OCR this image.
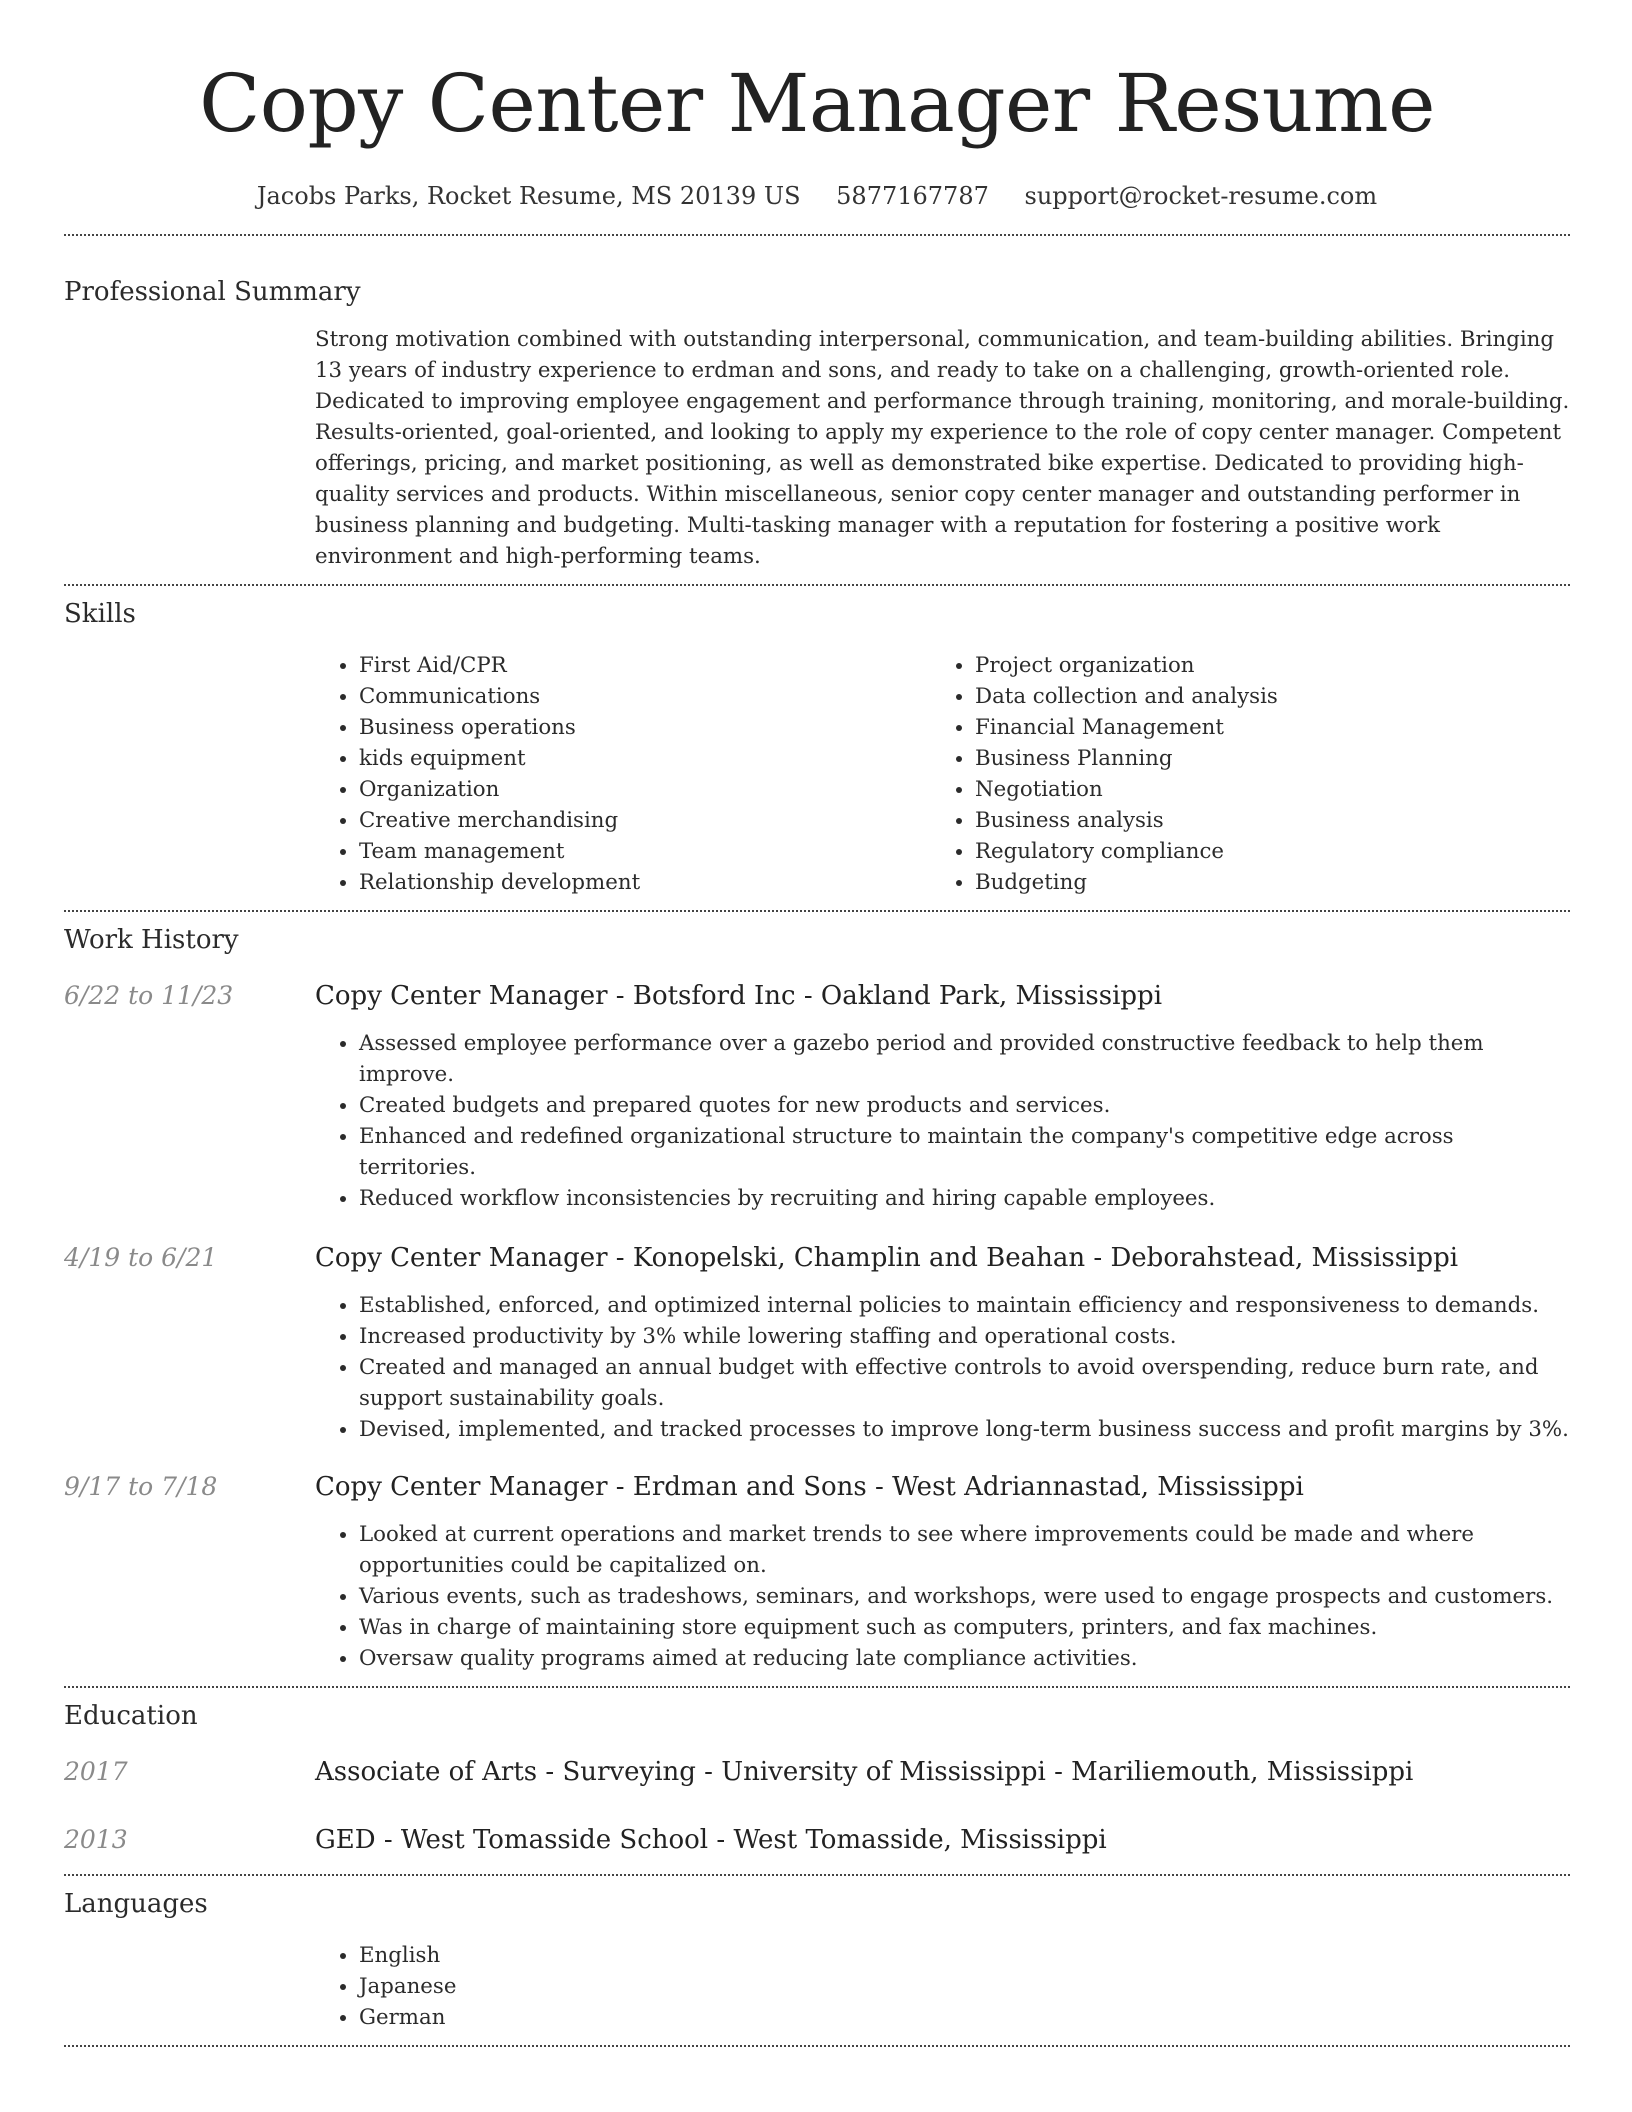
Copy Center Manager Resume
Jacobs Parks, Rocket Resume, MS 20139 US 5877167787 support@rocket-resume.com
Professional Summary

Strong motivation combined with outstanding interpersonal, communication, and team-building abilities. Bringing 13 years of industry experience to erdman and sons, and ready to take on a challenging, growth-oriented role. Dedicated to improving employee engagement and performance through training, monitoring, and morale-building. Results-oriented, goal-oriented, and looking to apply my experience to the role of copy center manager. Competent offerings, pricing, and market positioning, as well as demonstrated bike expertise. Dedicated to providing high-quality services and products. Within miscellaneous, senior copy center manager and outstanding performer in business planning and budgeting. Multi-tasking manager with a reputation for fostering a positive work environment and high-performing teams.

Skills
• First Aid/CPR
• Communications
• Business operations
• kids equipment
• Organization
• Creative merchandising
• Team management
• Relationship development
• Project organization
• Data collection and analysis
• Financial Management
• Business Planning
• Negotiation
• Business analysis
• Regulatory compliance
• Budgeting
Work History
6/22 to 11/23	Copy Center Manager - Botsford Inc - Oakland Park, Mississippi
• Assessed employee performance over a gazebo period and provided constructive feedback to help them improve.
• Created budgets and prepared quotes for new products and services.
• Enhanced and redefined organizational structure to maintain the company's competitive edge across territories.
• Reduced workflow inconsistencies by recruiting and hiring capable employees.
4/19 to 6/21	Copy Center Manager - Konopelski, Champlin and Beahan - Deborahstead, Mississippi
• Established, enforced, and optimized internal policies to maintain efficiency and responsiveness to demands.
• Increased productivity by 3% while lowering staffing and operational costs.
• Created and managed an annual budget with effective controls to avoid overspending, reduce burn rate, and support sustainability goals.
• Devised, implemented, and tracked processes to improve long-term business success and profit margins by 3%.
9/17 to 7/18	Copy Center Manager - Erdman and Sons - West Adriannastad, Mississippi
• Looked at current operations and market trends to see where improvements could be made and where opportunities could be capitalized on.
• Various events, such as tradeshows, seminars, and workshops, were used to engage prospects and customers.
• Was in charge of maintaining store equipment such as computers, printers, and fax machines.
• Oversaw quality programs aimed at reducing late compliance activities.
Education
2017	Associate of Arts - Surveying - University of Mississippi - Mariliemouth, Mississippi
2013	GED - West Tomasside School - West Tomasside, Mississippi
Languages
• English
• Japanese
• German
